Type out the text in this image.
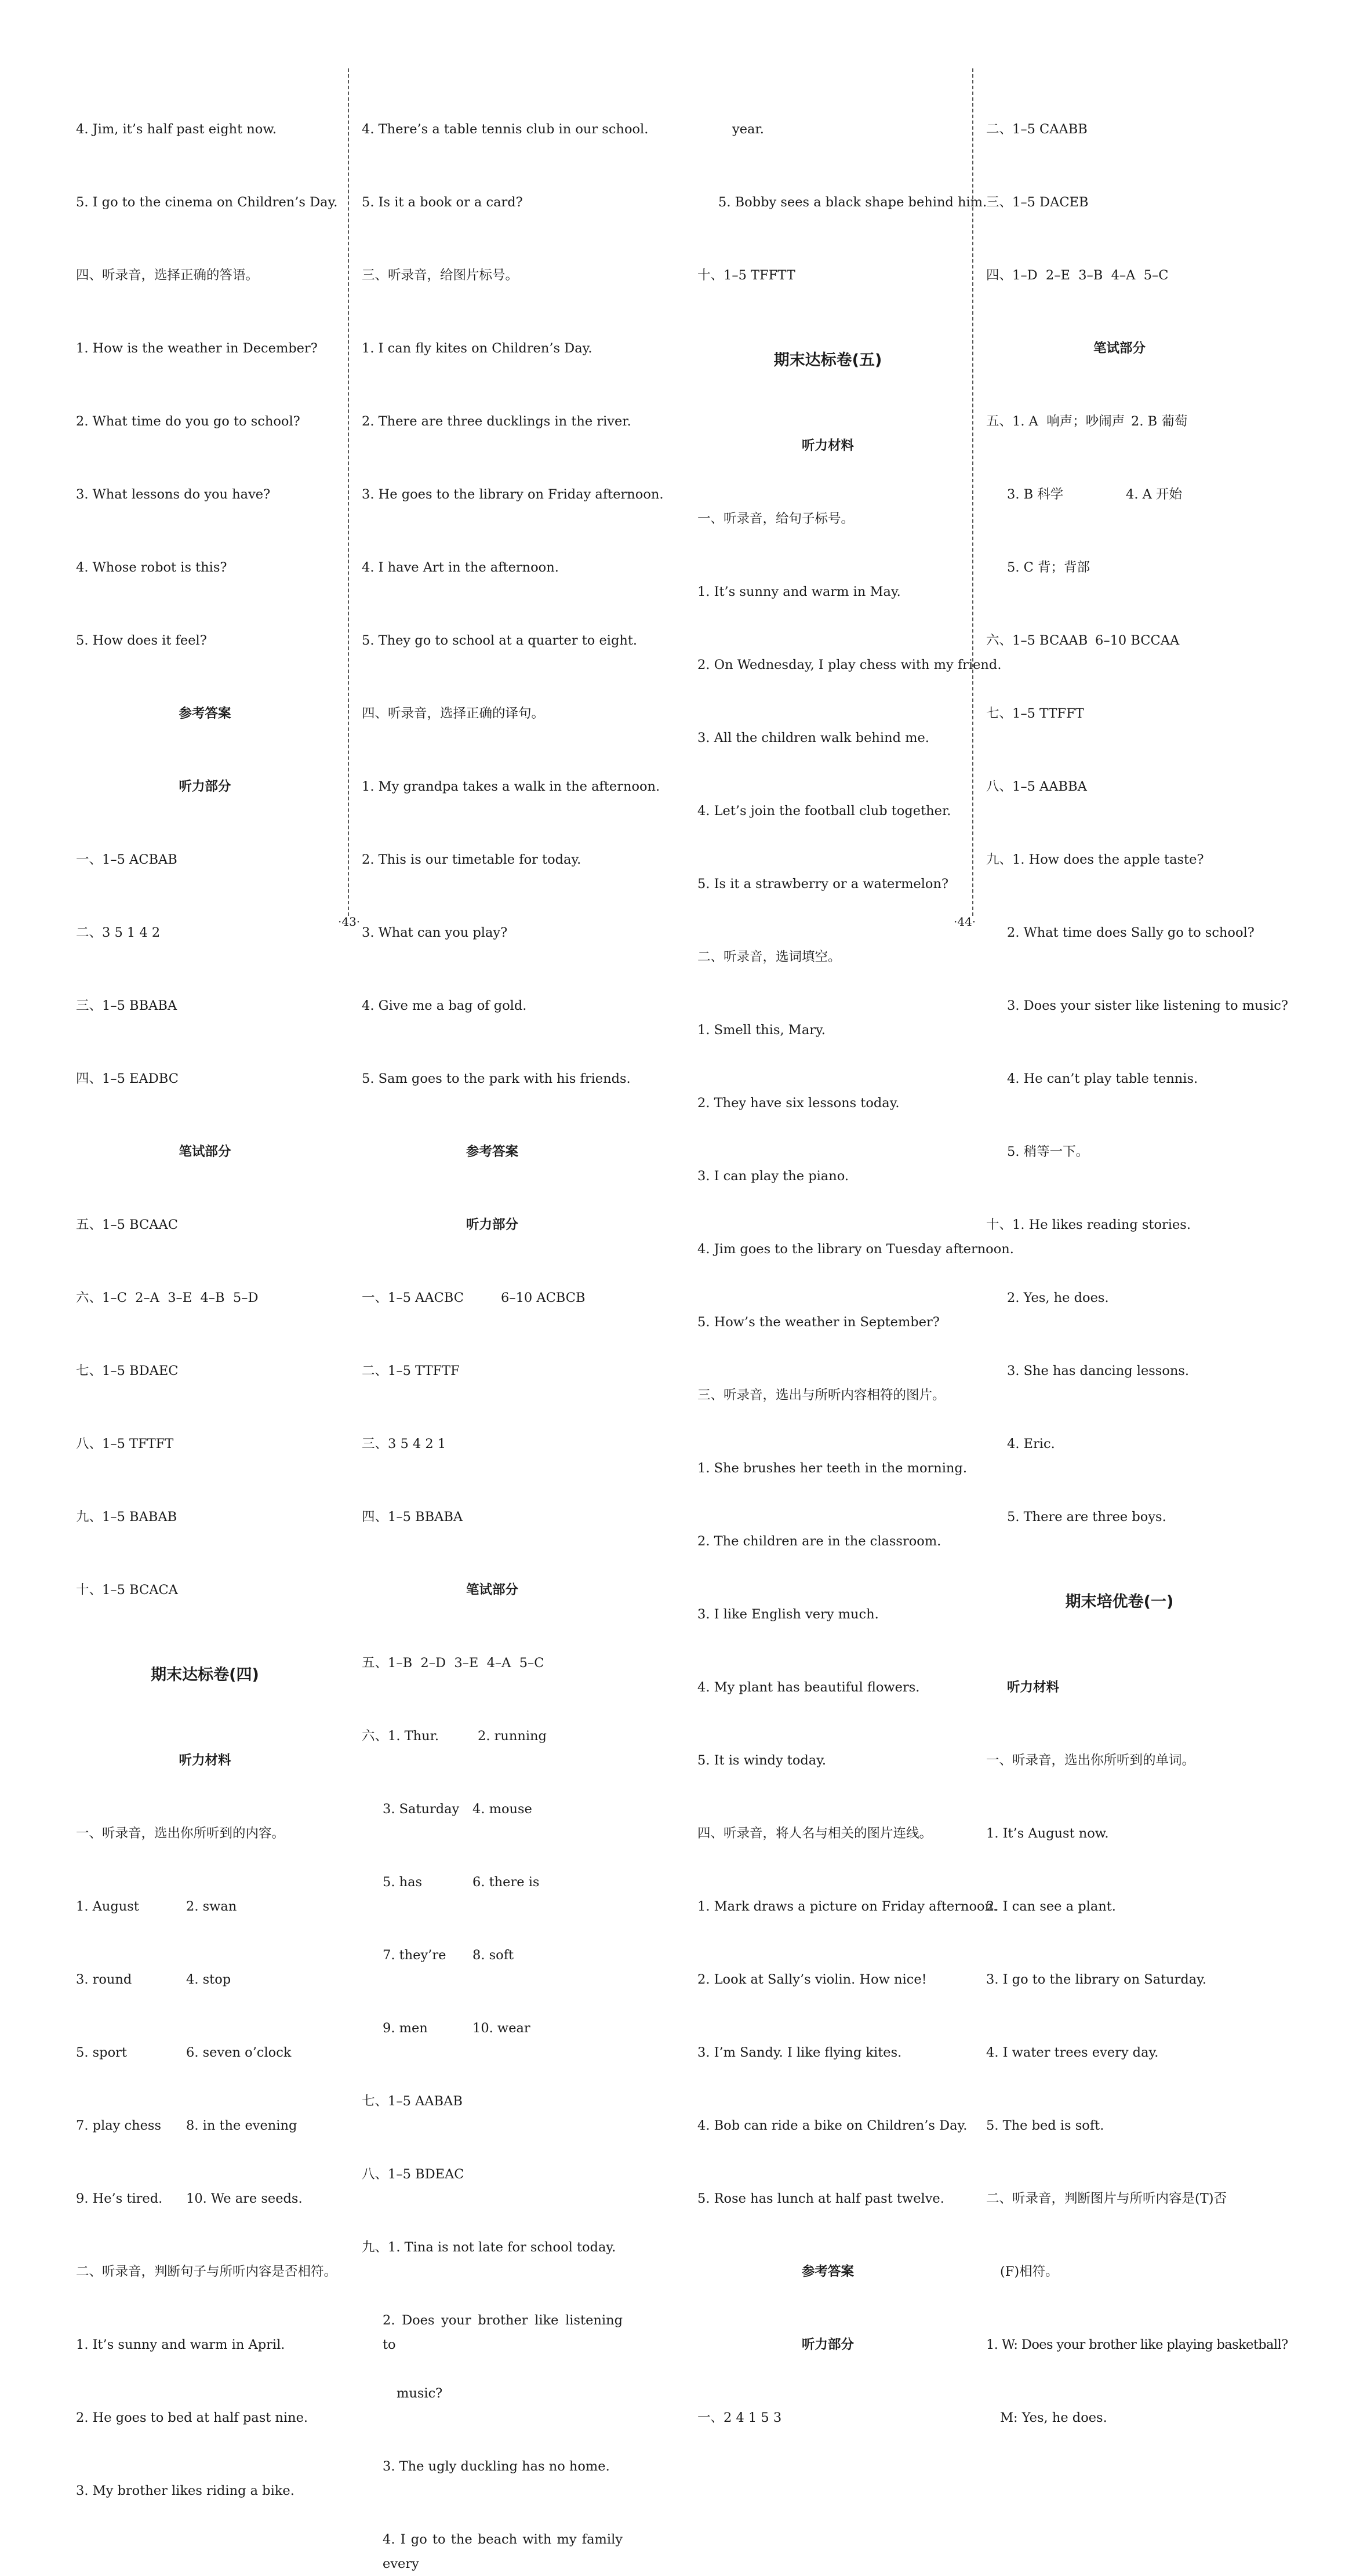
4. Jim, it’s half past eight now.

5. I go to the cinema on Children’s Day.

四、听录音，选择正确的答语。

1. How is the weather in December?

2. What time do you go to school?

3. What lessons do you have?

4. Whose robot is this?

5. How does it feel?

参考答案

听力部分

一、1–5 ACBAB

二、3 5 1 4 2

三、1–5 BBABA

四、1–5 EADBC

笔试部分

五、1–5 BCAAC

六、1–C  2–A  3–E  4–B  5–D

七、1–5 BDAEC

八、1–5 TFTFT

九、1–5 BABAB

十、1–5 BCACA

期末达标卷(四)

听力材料

一、听录音，选出你所听到的内容。

1. August	2. swan

3. round	4. stop

5. sport	6. seven o’clock

7. play chess 8. in the evening

9. He’s tired. 10. We are seeds.

二、听录音，判断句子与所听内容是否相符。

1. It’s sunny and warm in April.

2. He goes to bed at half past nine.

3. My brother likes riding a bike.

4. There’s a table tennis club in our school.

5. Is it a book or a card?

三、听录音，给图片标号。

1. I can fly kites on Children’s Day.

2. There are three ducklings in the river.

3. He goes to the library on Friday afternoon.

4. I have Art in the afternoon.

5. They go to school at a quarter to eight.

四、听录音，选择正确的译句。

1. My grandpa takes a walk in the afternoon.

2. This is our timetable for today.

3. What can you play?

4. Give me a bag of gold.

5. Sam goes to the park with his friends.

参考答案

听力部分

一、1–5 AACBC	6–10 ACBCB

二、1–5 TTFTF

三、3 5 4 2 1

四、1–5 BBABA

笔试部分

五、1–B  2–D  3–E  4–A  5–C

六、1. Thur.	2. running

3. Saturday 4. mouse

5. has	6. there is

7. they’re 8. soft

9. men	10. wear

七、1–5 AABAB

八、1–5 BDEAC

九、1. Tina is not late for school today.

2. Does your brother like listening to

music?

3. The ugly duckling has no home.

4. I go to the beach with my family every

year.

5. Bobby sees a black shape behind him.

十、1–5 TFFTT

期末达标卷(五)

听力材料

一、听录音，给句子标号。

1. It’s sunny and warm in May.

2. On Wednesday, I play chess with my friend.

3. All the children walk behind me.

4. Let’s join the football club together.

5. Is it a strawberry or a watermelon?

二、听录音，选词填空。

1. Smell this, Mary.

2. They have six lessons today.

3. I can play the piano.

4. Jim goes to the library on Tuesday afternoon.

5. How’s the weather in September?

三、听录音，选出与所听内容相符的图片。

1. She brushes her teeth in the morning.

2. The children are in the classroom.

3. I like English very much.

4. My plant has beautiful flowers.

5. It is windy today.

四、听录音，将人名与相关的图片连线。

1. Mark draws a picture on Friday afternoon.

2. Look at Sally’s violin. How nice!

3. I’m Sandy. I like flying kites.

4. Bob can ride a bike on Children’s Day.

5. Rose has lunch at half past twelve.

参考答案

听力部分

一、2 4 1 5 3

二、1–5 CAABB

三、1–5 DACEB

四、1–D  2–E  3–B  4–A  5–C

笔试部分

五、1. A  响声；吵闹声 2. B 葡萄

3. B 科学	4. A 开始

5. C 背；背部

六、1–5 BCAAB 6–10 BCCAA

七、1–5 TTFFT

八、1–5 AABBA

九、1. How does the apple taste?

2. What time does Sally go to school?

3. Does your sister like listening to music?

4. He can’t play table tennis.

5. 稍等一下。

十、1. He likes reading stories.

2. Yes, he does.

3. She has dancing lessons.

4. Eric.

5. There are three boys.

期末培优卷(一)

听力材料

一、听录音，选出你所听到的单词。

1. It’s August now.

2. I can see a plant.

3. I go to the library on Saturday.

4. I water trees every day.

5. The bed is soft.

二、听录音，判断图片与所听内容是(T)否

(F)相符。

1. W: Does your brother like playing basketball?

M: Yes, he does.

·43·	·44·
